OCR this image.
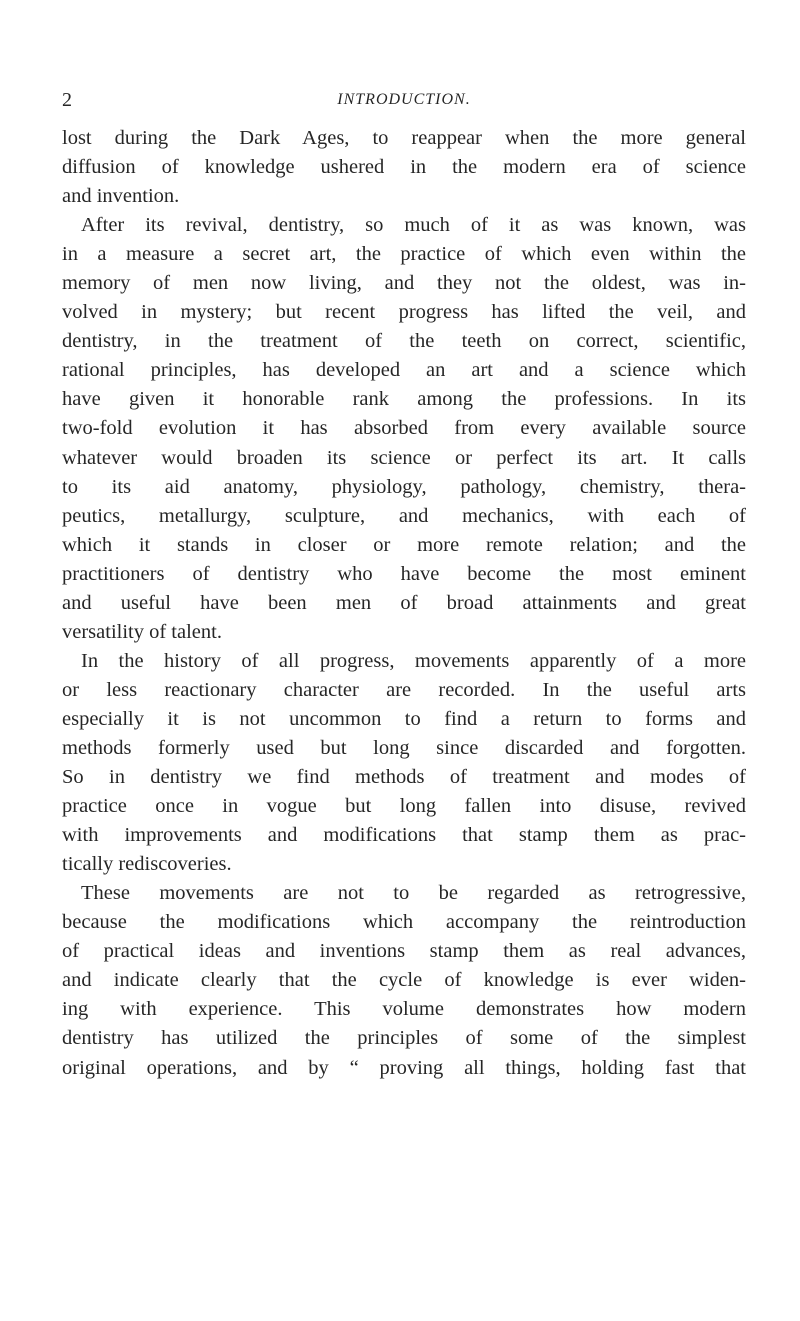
2	INTRODUCTION.
lost during the Dark Ages, to reappear when the more general
diffusion of knowledge ushered in the modern era of science
and invention.
After its revival, dentistry, so much of it as was known, was
in a measure a secret art, the practice of which even within the
memory of men now living, and they not the oldest, was in-
volved in mystery; but recent progress has lifted the veil, and
dentistry, in the treatment of the teeth on correct, scientific,
rational principles, has developed an art and a science which
have given it honorable rank among the professions. In its
two-fold evolution it has absorbed from every available source
whatever would broaden its science or perfect its art. It calls
to its aid anatomy, physiology, pathology, chemistry, thera-
peutics, metallurgy, sculpture, and mechanics, with each of
which it stands in closer or more remote relation; and the
practitioners of dentistry who have become the most eminent
and useful have been men of broad attainments and great
versatility of talent.
In the history of all progress, movements apparently of a more
or less reactionary character are recorded. In the useful arts
especially it is not uncommon to find a return to forms and
methods formerly used but long since discarded and forgotten.
So in dentistry we find methods of treatment and modes of
practice once in vogue but long fallen into disuse, revived
with improvements and modifications that stamp them as prac-
tically rediscoveries.
These movements are not to be regarded as retrogressive,
because the modifications which accompany the reintroduction
of practical ideas and inventions stamp them as real advances,
and indicate clearly that the cycle of knowledge is ever widen-
ing with experience. This volume demonstrates how modern
dentistry has utilized the principles of some of the simplest
original operations, and by “ proving all things, holding fast that
